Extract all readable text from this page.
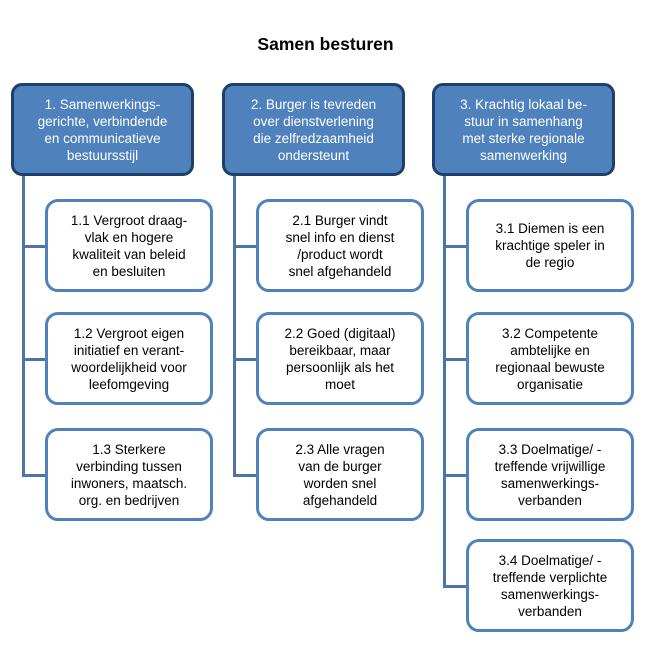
Samen besturen
1. Samenwerkings-
gerichte, verbindende
en communicatieve
bestuursstijl
2. Burger is tevreden
over dienstverlening
die zelfredzaamheid
ondersteunt
3. Krachtig lokaal be-
stuur in samenhang
met sterke regionale
samenwerking
1.1 Vergroot draag-
vlak en hogere
kwaliteit van beleid
en besluiten
1.2 Vergroot eigen
initiatief en verant-
woordelijkheid voor
leefomgeving
1.3 Sterkere
verbinding tussen
inwoners, maatsch.
org. en bedrijven
2.1 Burger vindt
snel info en dienst
/product wordt
snel afgehandeld
2.2 Goed (digitaal)
bereikbaar, maar
persoonlijk als het
moet
2.3 Alle vragen
van de burger
worden snel
afgehandeld
3.1 Diemen is een
krachtige speler in
de regio
3.2 Competente
ambtelijke en
regionaal bewuste
organisatie
3.3 Doelmatige/ -
treffende vrijwillige
samenwerkings-
verbanden
3.4 Doelmatige/ -
treffende verplichte
samenwerkings-
verbanden
